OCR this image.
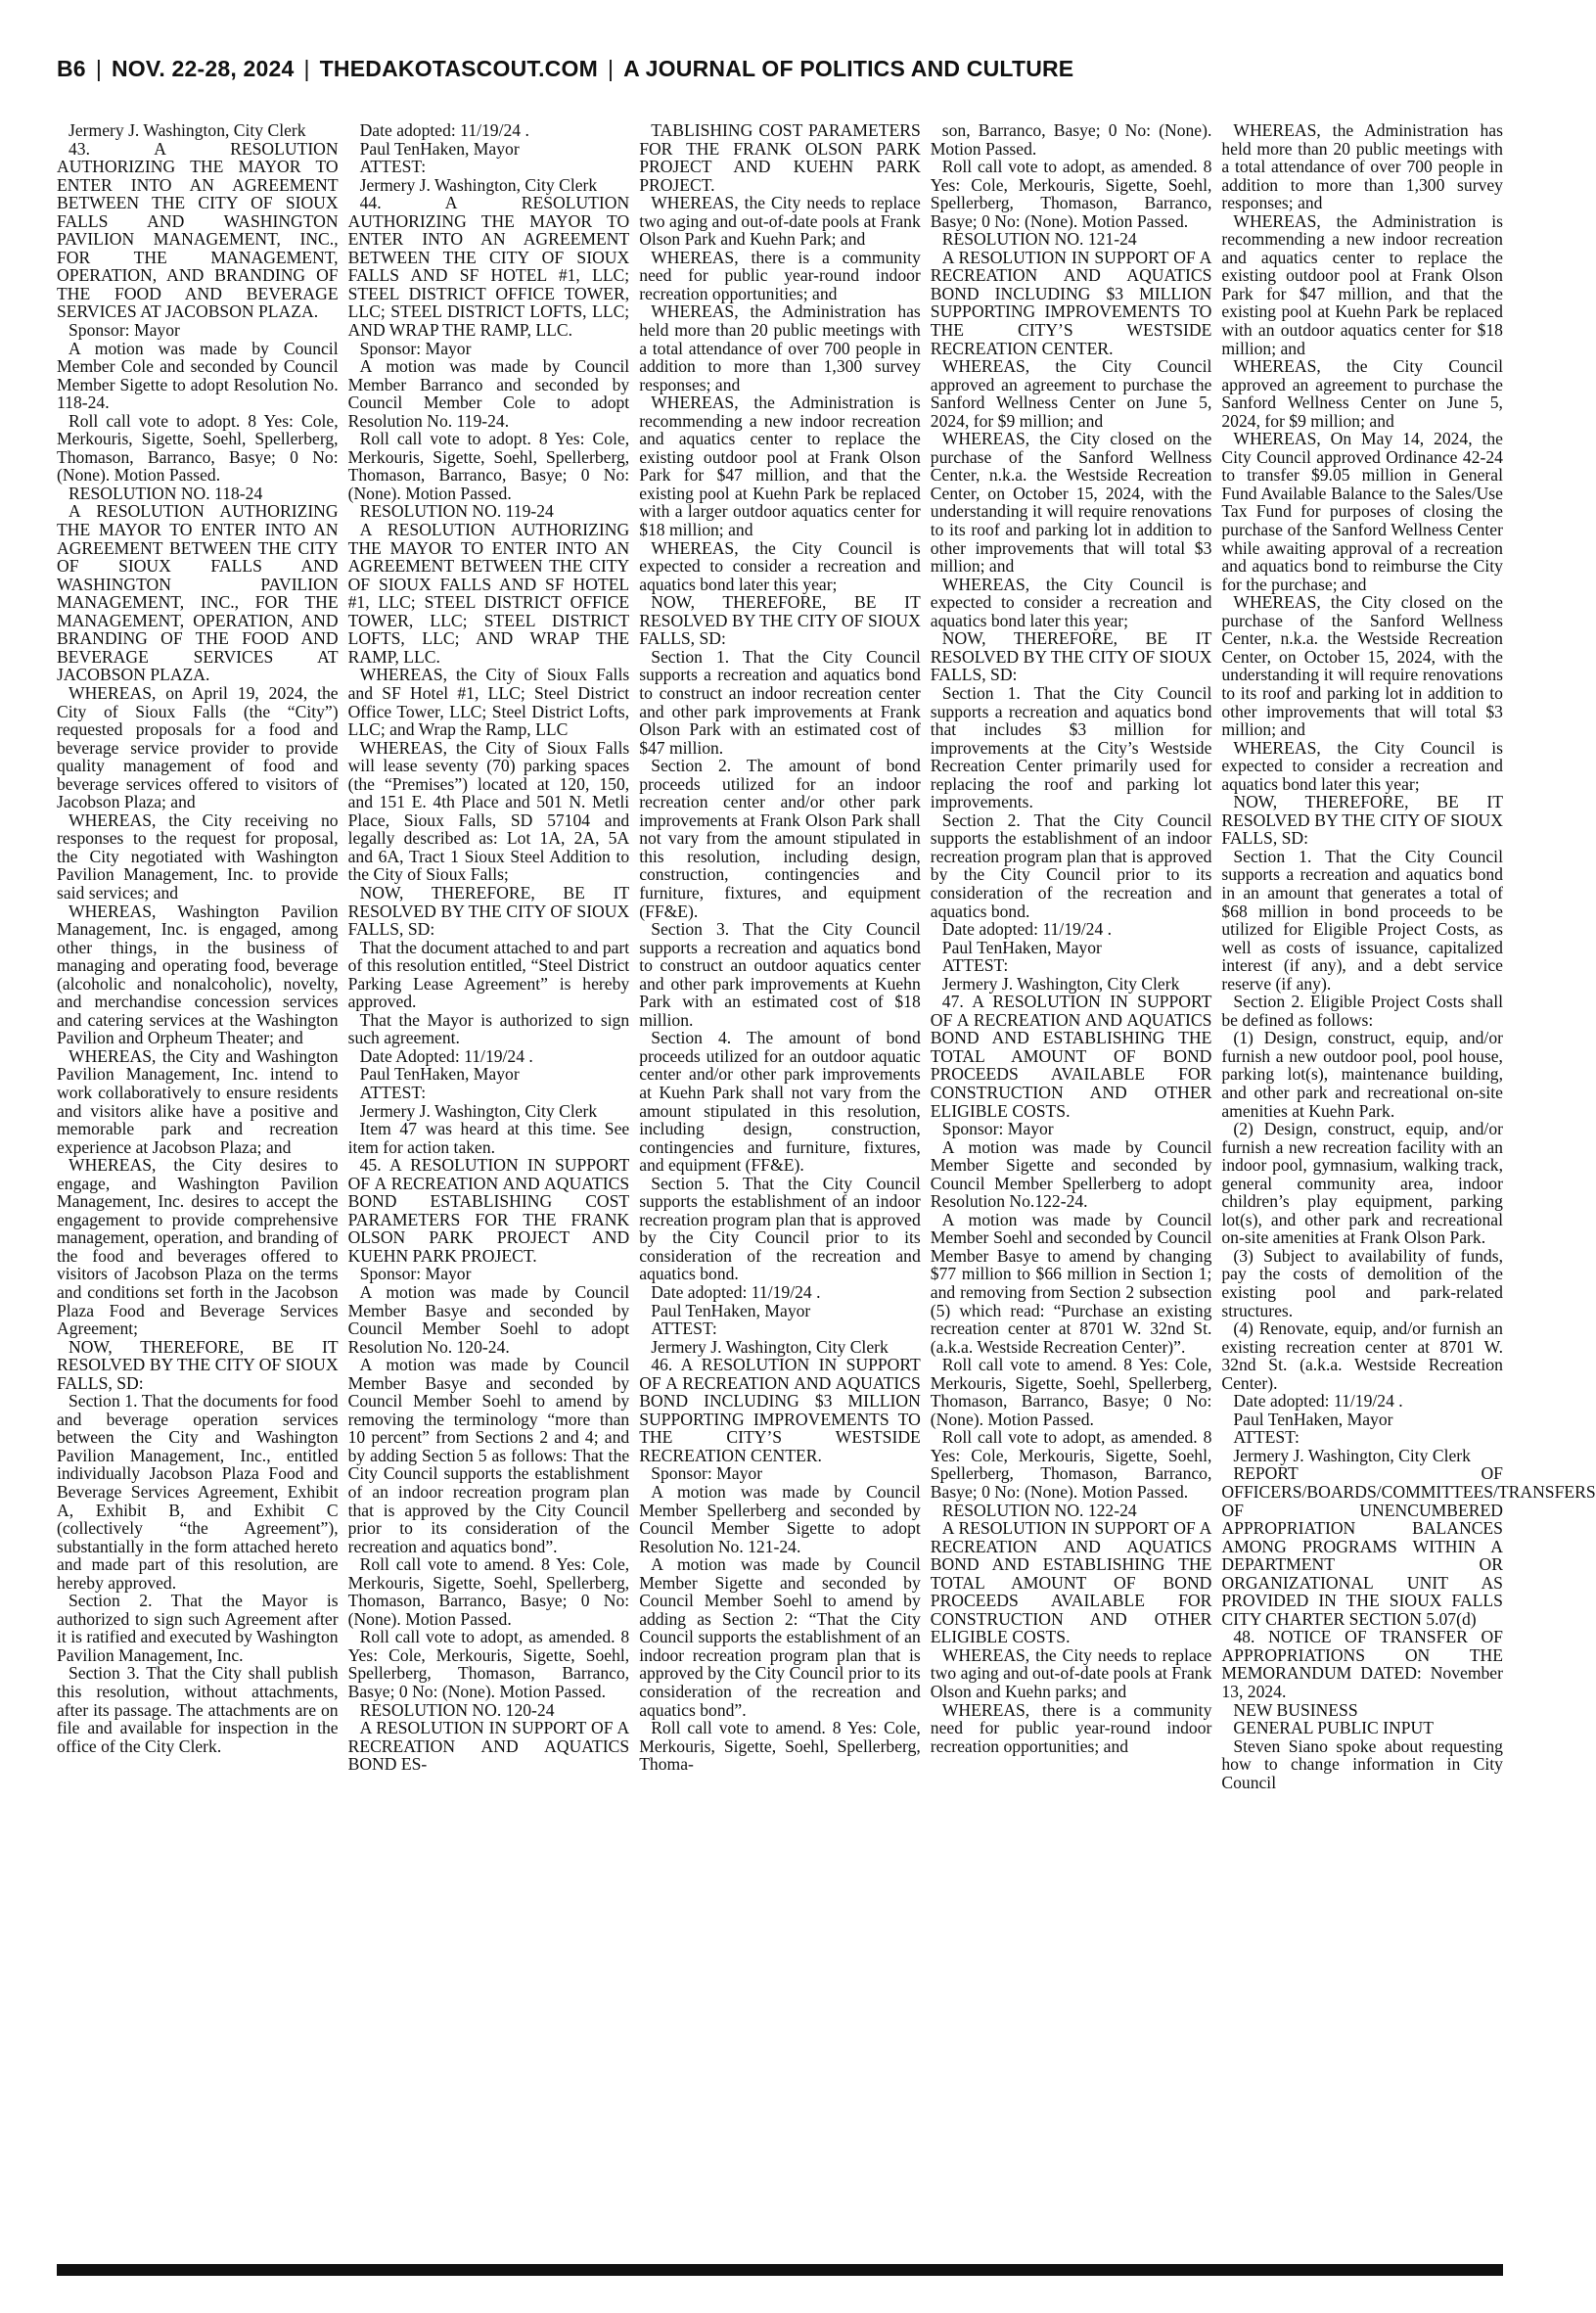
B6 | NOV. 22-28, 2024 | THEDAKOTASCOUT.COM | A JOURNAL OF POLITICS AND CULTURE

Jermery J. Washington, City Clerk

43. A RESOLUTION AUTHORIZING THE MAYOR TO ENTER INTO AN AGREEMENT BETWEEN THE CITY OF SIOUX FALLS AND WASHINGTON PAVILION MANAGEMENT, INC., FOR THE MANAGEMENT, OPERATION, AND BRANDING OF THE FOOD AND BEVERAGE SERVICES AT JACOBSON PLAZA.

Sponsor: Mayor

A motion was made by Council Member Cole and seconded by Council Member Sigette to adopt Resolution No. 118-24.

Roll call vote to adopt. 8 Yes: Cole, Merkouris, Sigette, Soehl, Spellerberg, Thomason, Barranco, Basye; 0 No: (None). Motion Passed.

RESOLUTION NO. 118-24

A RESOLUTION AUTHORIZING THE MAYOR TO ENTER INTO AN AGREEMENT BETWEEN THE CITY OF SIOUX FALLS AND WASHINGTON PAVILION MANAGEMENT, INC., FOR THE MANAGEMENT, OPERATION, AND BRANDING OF THE FOOD AND BEVERAGE SERVICES AT JACOBSON PLAZA.

WHEREAS, on April 19, 2024, the City of Sioux Falls (the “City”) requested proposals for a food and beverage service provider to provide quality management of food and beverage services offered to visitors of Jacobson Plaza; and

WHEREAS, the City receiving no responses to the request for proposal, the City negotiated with Washington Pavilion Management, Inc. to provide said services; and

WHEREAS, Washington Pavilion Management, Inc. is engaged, among other things, in the business of managing and operating food, beverage (alcoholic and nonalcoholic), novelty, and merchandise concession services and catering services at the Washington Pavilion and Orpheum Theater; and

WHEREAS, the City and Washington Pavilion Management, Inc. intend to work collaboratively to ensure residents and visitors alike have a positive and memorable park and recreation experience at Jacobson Plaza; and

WHEREAS, the City desires to engage, and Washington Pavilion Management, Inc. desires to accept the engagement to provide comprehensive management, operation, and branding of the food and beverages offered to visitors of Jacobson Plaza on the terms and conditions set forth in the Jacobson Plaza Food and Beverage Services Agreement;

NOW, THEREFORE, BE IT RESOLVED BY THE CITY OF SIOUX FALLS, SD:

Section 1. That the documents for food and beverage operation services between the City and Washington Pavilion Management, Inc., entitled individually Jacobson Plaza Food and Beverage Services Agreement, Exhibit A, Exhibit B, and Exhibit C (collectively “the Agreement”), substantially in the form attached hereto and made part of this resolution, are hereby approved.

Section 2. That the Mayor is authorized to sign such Agreement after it is ratified and executed by Washington Pavilion Management, Inc.

Section 3. That the City shall publish this resolution, without attachments, after its passage. The attachments are on file and available for inspection in the office of the City Clerk.

Date adopted: 11/19/24 .

Paul TenHaken, Mayor

ATTEST:

Jermery J. Washington, City Clerk

44. A RESOLUTION AUTHORIZING THE MAYOR TO ENTER INTO AN AGREEMENT BETWEEN THE CITY OF SIOUX FALLS AND SF HOTEL #1, LLC; STEEL DISTRICT OFFICE TOWER, LLC; STEEL DISTRICT LOFTS, LLC; AND WRAP THE RAMP, LLC.

Sponsor: Mayor

A motion was made by Council Member Barranco and seconded by Council Member Cole to adopt Resolution No. 119-24.

Roll call vote to adopt. 8 Yes: Cole, Merkouris, Sigette, Soehl, Spellerberg, Thomason, Barranco, Basye; 0 No: (None). Motion Passed.

RESOLUTION NO. 119-24

A RESOLUTION AUTHORIZING THE MAYOR TO ENTER INTO AN AGREEMENT BETWEEN THE CITY OF SIOUX FALLS AND SF HOTEL #1, LLC; STEEL DISTRICT OFFICE TOWER, LLC; STEEL DISTRICT LOFTS, LLC; AND WRAP THE RAMP, LLC.

WHEREAS, the City of Sioux Falls and SF Hotel #1, LLC; Steel District Office Tower, LLC; Steel District Lofts, LLC; and Wrap the Ramp, LLC

WHEREAS, the City of Sioux Falls will lease seventy (70) parking spaces (the “Premises”) located at 120, 150, and 151 E. 4th Place and 501 N. Metli Place, Sioux Falls, SD 57104 and legally described as: Lot 1A, 2A, 5A and 6A, Tract 1 Sioux Steel Addition to the City of Sioux Falls;

NOW, THEREFORE, BE IT RESOLVED BY THE CITY OF SIOUX FALLS, SD:

That the document attached to and part of this resolution entitled, “Steel District Parking Lease Agreement” is hereby approved.

That the Mayor is authorized to sign such agreement.

Date Adopted: 11/19/24 .

Paul TenHaken, Mayor

ATTEST:

Jermery J. Washington, City Clerk

Item 47 was heard at this time. See item for action taken.

45. A RESOLUTION IN SUPPORT OF A RECREATION AND AQUATICS BOND ESTABLISHING COST PARAMETERS FOR THE FRANK OLSON PARK PROJECT AND KUEHN PARK PROJECT.

Sponsor: Mayor

A motion was made by Council Member Basye and seconded by Council Member Soehl to adopt Resolution No. 120-24.

A motion was made by Council Member Basye and seconded by Council Member Soehl to amend by removing the terminology “more than 10 percent” from Sections 2 and 4; and by adding Section 5 as follows: That the City Council supports the establishment of an indoor recreation program plan that is approved by the City Council prior to its consideration of the recreation and aquatics bond”.

Roll call vote to amend. 8 Yes: Cole, Merkouris, Sigette, Soehl, Spellerberg, Thomason, Barranco, Basye; 0 No: (None). Motion Passed.

Roll call vote to adopt, as amended. 8 Yes: Cole, Merkouris, Sigette, Soehl, Spellerberg, Thomason, Barranco, Basye; 0 No: (None). Motion Passed.

RESOLUTION NO. 120-24

A RESOLUTION IN SUPPORT OF A RECREATION AND AQUATICS BOND ES-

TABLISHING COST PARAMETERS FOR THE FRANK OLSON PARK PROJECT AND KUEHN PARK PROJECT.

WHEREAS, the City needs to replace two aging and out-of-date pools at Frank Olson Park and Kuehn Park; and

WHEREAS, there is a community need for public year-round indoor recreation opportunities; and

WHEREAS, the Administration has held more than 20 public meetings with a total attendance of over 700 people in addition to more than 1,300 survey responses; and

WHEREAS, the Administration is recommending a new indoor recreation and aquatics center to replace the existing outdoor pool at Frank Olson Park for $47 million, and that the existing pool at Kuehn Park be replaced with a larger outdoor aquatics center for $18 million; and

WHEREAS, the City Council is expected to consider a recreation and aquatics bond later this year;

NOW, THEREFORE, BE IT RESOLVED BY THE CITY OF SIOUX FALLS, SD:

Section 1. That the City Council supports a recreation and aquatics bond to construct an indoor recreation center and other park improvements at Frank Olson Park with an estimated cost of $47 million.

Section 2. The amount of bond proceeds utilized for an indoor recreation center and/or other park improvements at Frank Olson Park shall not vary from the amount stipulated in this resolution, including design, construction, contingencies and furniture, fixtures, and equipment (FF&E).

Section 3. That the City Council supports a recreation and aquatics bond to construct an outdoor aquatics center and other park improvements at Kuehn Park with an estimated cost of $18 million.

Section 4. The amount of bond proceeds utilized for an outdoor aquatic center and/or other park improvements at Kuehn Park shall not vary from the amount stipulated in this resolution, including design, construction, contingencies and furniture, fixtures, and equipment (FF&E).

Section 5. That the City Council supports the establishment of an indoor recreation program plan that is approved by the City Council prior to its consideration of the recreation and aquatics bond.

Date adopted: 11/19/24 .

Paul TenHaken, Mayor

ATTEST:

Jermery J. Washington, City Clerk

46. A RESOLUTION IN SUPPORT OF A RECREATION AND AQUATICS BOND INCLUDING $3 MILLION SUPPORTING IMPROVEMENTS TO THE CITY’S WESTSIDE RECREATION CENTER.

Sponsor: Mayor

A motion was made by Council Member Spellerberg and seconded by Council Member Sigette to adopt Resolution No. 121-24.

A motion was made by Council Member Sigette and seconded by Council Member Soehl to amend by adding as Section 2: “That the City Council supports the establishment of an indoor recreation program plan that is approved by the City Council prior to its consideration of the recreation and aquatics bond”.

Roll call vote to amend. 8 Yes: Cole, Merkouris, Sigette, Soehl, Spellerberg, Thoma-

son, Barranco, Basye; 0 No: (None). Motion Passed.

Roll call vote to adopt, as amended. 8 Yes: Cole, Merkouris, Sigette, Soehl, Spellerberg, Thomason, Barranco, Basye; 0 No: (None). Motion Passed.

RESOLUTION NO. 121-24

A RESOLUTION IN SUPPORT OF A RECREATION AND AQUATICS BOND INCLUDING $3 MILLION SUPPORTING IMPROVEMENTS TO THE CITY’S WESTSIDE RECREATION CENTER.

WHEREAS, the City Council approved an agreement to purchase the Sanford Wellness Center on June 5, 2024, for $9 million; and

WHEREAS, the City closed on the purchase of the Sanford Wellness Center, n.k.a. the Westside Recreation Center, on October 15, 2024, with the understanding it will require renovations to its roof and parking lot in addition to other improvements that will total $3 million; and

WHEREAS, the City Council is expected to consider a recreation and aquatics bond later this year;

NOW, THEREFORE, BE IT RESOLVED BY THE CITY OF SIOUX FALLS, SD:

Section 1. That the City Council supports a recreation and aquatics bond that includes $3 million for improvements at the City’s Westside Recreation Center primarily used for replacing the roof and parking lot improvements.

Section 2. That the City Council supports the establishment of an indoor recreation program plan that is approved by the City Council prior to its consideration of the recreation and aquatics bond.

Date adopted: 11/19/24 .

Paul TenHaken, Mayor

ATTEST:

Jermery J. Washington, City Clerk

47. A RESOLUTION IN SUPPORT OF A RECREATION AND AQUATICS BOND AND ESTABLISHING THE TOTAL AMOUNT OF BOND PROCEEDS AVAILABLE FOR CONSTRUCTION AND OTHER ELIGIBLE COSTS.

Sponsor: Mayor

A motion was made by Council Member Sigette and seconded by Council Member Spellerberg to adopt Resolution No.122-24.

A motion was made by Council Member Soehl and seconded by Council Member Basye to amend by changing $77 million to $66 million in Section 1; and removing from Section 2 subsection (5) which read: “Purchase an existing recreation center at 8701 W. 32nd St. (a.k.a. Westside Recreation Center)”.

Roll call vote to amend. 8 Yes: Cole, Merkouris, Sigette, Soehl, Spellerberg, Thomason, Barranco, Basye; 0 No: (None). Motion Passed.

Roll call vote to adopt, as amended. 8 Yes: Cole, Merkouris, Sigette, Soehl, Spellerberg, Thomason, Barranco, Basye; 0 No: (None). Motion Passed.

RESOLUTION NO. 122-24

A RESOLUTION IN SUPPORT OF A RECREATION AND AQUATICS BOND AND ESTABLISHING THE TOTAL AMOUNT OF BOND PROCEEDS AVAILABLE FOR CONSTRUCTION AND OTHER ELIGIBLE COSTS.

WHEREAS, the City needs to replace two aging and out-of-date pools at Frank Olson and Kuehn parks; and

WHEREAS, there is a community need for public year-round indoor recreation opportunities; and

WHEREAS, the Administration has held more than 20 public meetings with a total attendance of over 700 people in addition to more than 1,300 survey responses; and

WHEREAS, the Administration is recommending a new indoor recreation and aquatics center to replace the existing outdoor pool at Frank Olson Park for $47 million, and that the existing pool at Kuehn Park be replaced with an outdoor aquatics center for $18 million; and

WHEREAS, the City Council approved an agreement to purchase the Sanford Wellness Center on June 5, 2024, for $9 million; and

WHEREAS, On May 14, 2024, the City Council approved Ordinance 42-24 to transfer $9.05 million in General Fund Available Balance to the Sales/Use Tax Fund for purposes of closing the purchase of the Sanford Wellness Center while awaiting approval of a recreation and aquatics bond to reimburse the City for the purchase; and

WHEREAS, the City closed on the purchase of the Sanford Wellness Center, n.k.a. the Westside Recreation Center, on October 15, 2024, with the understanding it will require renovations to its roof and parking lot in addition to other improvements that will total $3 million; and

WHEREAS, the City Council is expected to consider a recreation and aquatics bond later this year;

NOW, THEREFORE, BE IT RESOLVED BY THE CITY OF SIOUX FALLS, SD:

Section 1. That the City Council supports a recreation and aquatics bond in an amount that generates a total of $68 million in bond proceeds to be utilized for Eligible Project Costs, as well as costs of issuance, capitalized interest (if any), and a debt service reserve (if any).

Section 2. Eligible Project Costs shall be defined as follows:

(1) Design, construct, equip, and/or furnish a new outdoor pool, pool house, parking lot(s), maintenance building, and other park and recreational on-site amenities at Kuehn Park.

(2) Design, construct, equip, and/or furnish a new recreation facility with an indoor pool, gymnasium, walking track, general community area, indoor children’s play equipment, parking lot(s), and other park and recreational on-site amenities at Frank Olson Park.

(3) Subject to availability of funds, pay the costs of demolition of the existing pool and park-related structures.

(4) Renovate, equip, and/or furnish an existing recreation center at 8701 W. 32nd St. (a.k.a. Westside Recreation Center).

Date adopted: 11/19/24 .

Paul TenHaken, Mayor

ATTEST:

Jermery J. Washington, City Clerk

REPORT OF OFFICERS/BOARDS/COMMITTEES/TRANSFERS OF UNENCUMBERED APPROPRIATION BALANCES AMONG PROGRAMS WITHIN A DEPARTMENT OR ORGANIZATIONAL UNIT AS PROVIDED IN THE SIOUX FALLS CITY CHARTER SECTION 5.07(d)

48. NOTICE OF TRANSFER OF APPROPRIATIONS ON THE MEMORANDUM DATED: November 13, 2024.

NEW BUSINESS

GENERAL PUBLIC INPUT

Steven Siano spoke about requesting how to change information in City Council
